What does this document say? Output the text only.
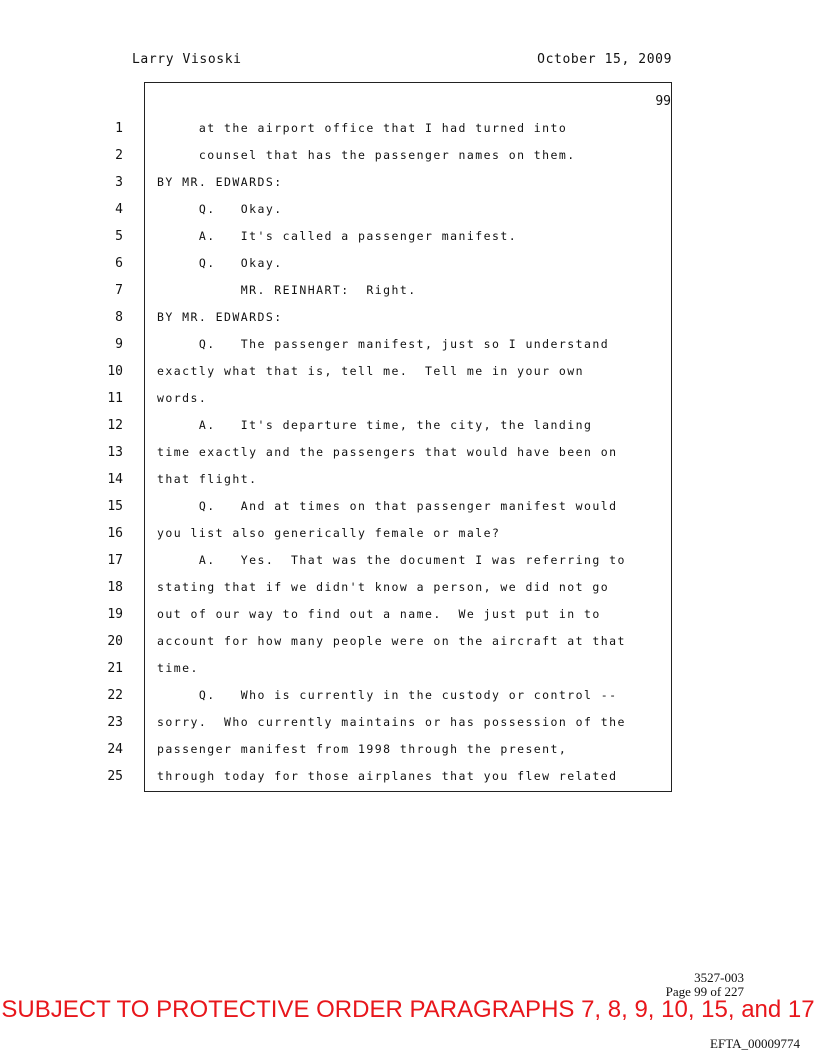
Larry Visoski	October 15, 2009
99
1	at the airport office that I had turned into
2	counsel that has the passenger names on them.
3	BY MR. EDWARDS:
4	Q.   Okay.
5	A.   It's called a passenger manifest.
6	Q.   Okay.
7	MR. REINHART:  Right.
8	BY MR. EDWARDS:
9	Q.   The passenger manifest, just so I understand
10	exactly what that is, tell me.  Tell me in your own
11	words.
12	A.   It's departure time, the city, the landing
13	time exactly and the passengers that would have been on
14	that flight.
15	Q.   And at times on that passenger manifest would
16	you list also generically female or male?
17	A.   Yes.  That was the document I was referring to
18	stating that if we didn't know a person, we did not go
19	out of our way to find out a name.  We just put in to
20	account for how many people were on the aircraft at that
21	time.
22	Q.   Who is currently in the custody or control --
23	sorry.  Who currently maintains or has possession of the
24	passenger manifest from 1998 through the present,
25	through today for those airplanes that you flew related
3527-003
Page 99 of 227
SUBJECT TO PROTECTIVE ORDER PARAGRAPHS 7, 8, 9, 10, 15, and 17
EFTA_00009774
